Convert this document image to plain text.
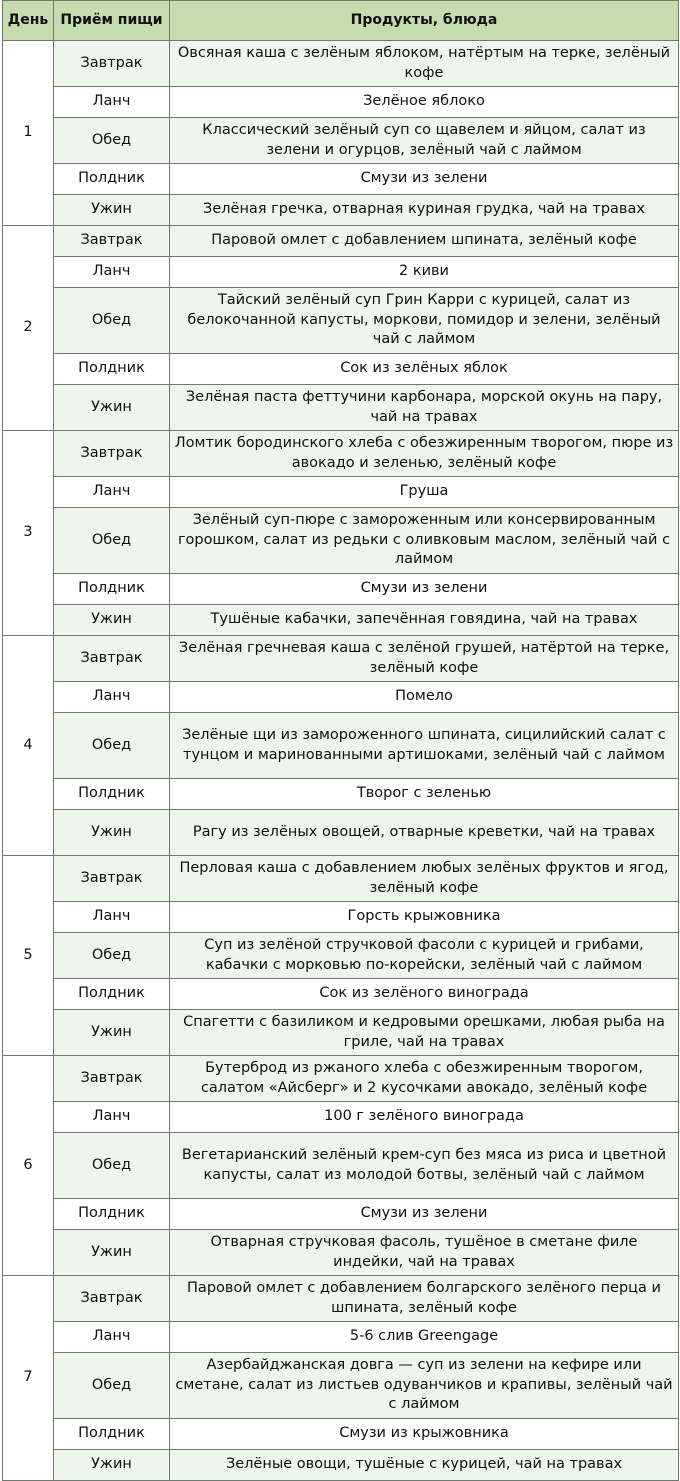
День	Приём пищи	Продукты, блюда
1	Завтрак	Овсяная каша с зелёным яблоком, натёртым на терке, зелёный кофе
	Ланч	Зелёное яблоко
	Обед	Классический зелёный суп со щавелем и яйцом, салат из зелени и огурцов, зелёный чай с лаймом
	Полдник	Смузи из зелени
	Ужин	Зелёная гречка, отварная куриная грудка, чай на травах
2	Завтрак	Паровой омлет с добавлением шпината, зелёный кофе
	Ланч	2 киви
	Обед	Тайский зелёный суп Грин Карри с курицей, салат из белокочанной капусты, моркови, помидор и зелени, зелёный чай с лаймом
	Полдник	Сок из зелёных яблок
	Ужин	Зелёная паста феттучини карбонара, морской окунь на пару, чай на травах
3	Завтрак	Ломтик бородинского хлеба с обезжиренным творогом, пюре из авокадо и зеленью, зелёный кофе
	Ланч	Груша
	Обед	Зелёный суп-пюре с замороженным или консервированным горошком, салат из редьки с оливковым маслом, зелёный чай с лаймом
	Полдник	Смузи из зелени
	Ужин	Тушёные кабачки, запечённая говядина, чай на травах
4	Завтрак	Зелёная гречневая каша с зелёной грушей, натёртой на терке, зелёный кофе
	Ланч	Помело
	Обед	Зелёные щи из замороженного шпината, сицилийский салат с тунцом и маринованными артишоками, зелёный чай с лаймом
	Полдник	Творог с зеленью
	Ужин	Рагу из зелёных овощей, отварные креветки, чай на травах
5	Завтрак	Перловая каша с добавлением любых зелёных фруктов и ягод, зелёный кофе
	Ланч	Горсть крыжовника
	Обед	Суп из зелёной стручковой фасоли с курицей и грибами, кабачки с морковью по-корейски, зелёный чай с лаймом
	Полдник	Сок из зелёного винограда
	Ужин	Спагетти с базиликом и кедровыми орешками, любая рыба на гриле, чай на травах
6	Завтрак	Бутерброд из ржаного хлеба с обезжиренным творогом, салатом «Айсберг» и 2 кусочками авокадо, зелёный кофе
	Ланч	100 г зелёного винограда
	Обед	Вегетарианский зелёный крем-суп без мяса из риса и цветной капусты, салат из молодой ботвы, зелёный чай с лаймом
	Полдник	Смузи из зелени
	Ужин	Отварная стручковая фасоль, тушёное в сметане филе индейки, чай на травах
7	Завтрак	Паровой омлет с добавлением болгарского зелёного перца и шпината, зелёный кофе
	Ланч	5-6 слив Greengage
	Обед	Азербайджанская довга — суп из зелени на кефире или сметане, салат из листьев одуванчиков и крапивы, зелёный чай с лаймом
	Полдник	Смузи из крыжовника
	Ужин	Зелёные овощи, тушёные с курицей, чай на травах
